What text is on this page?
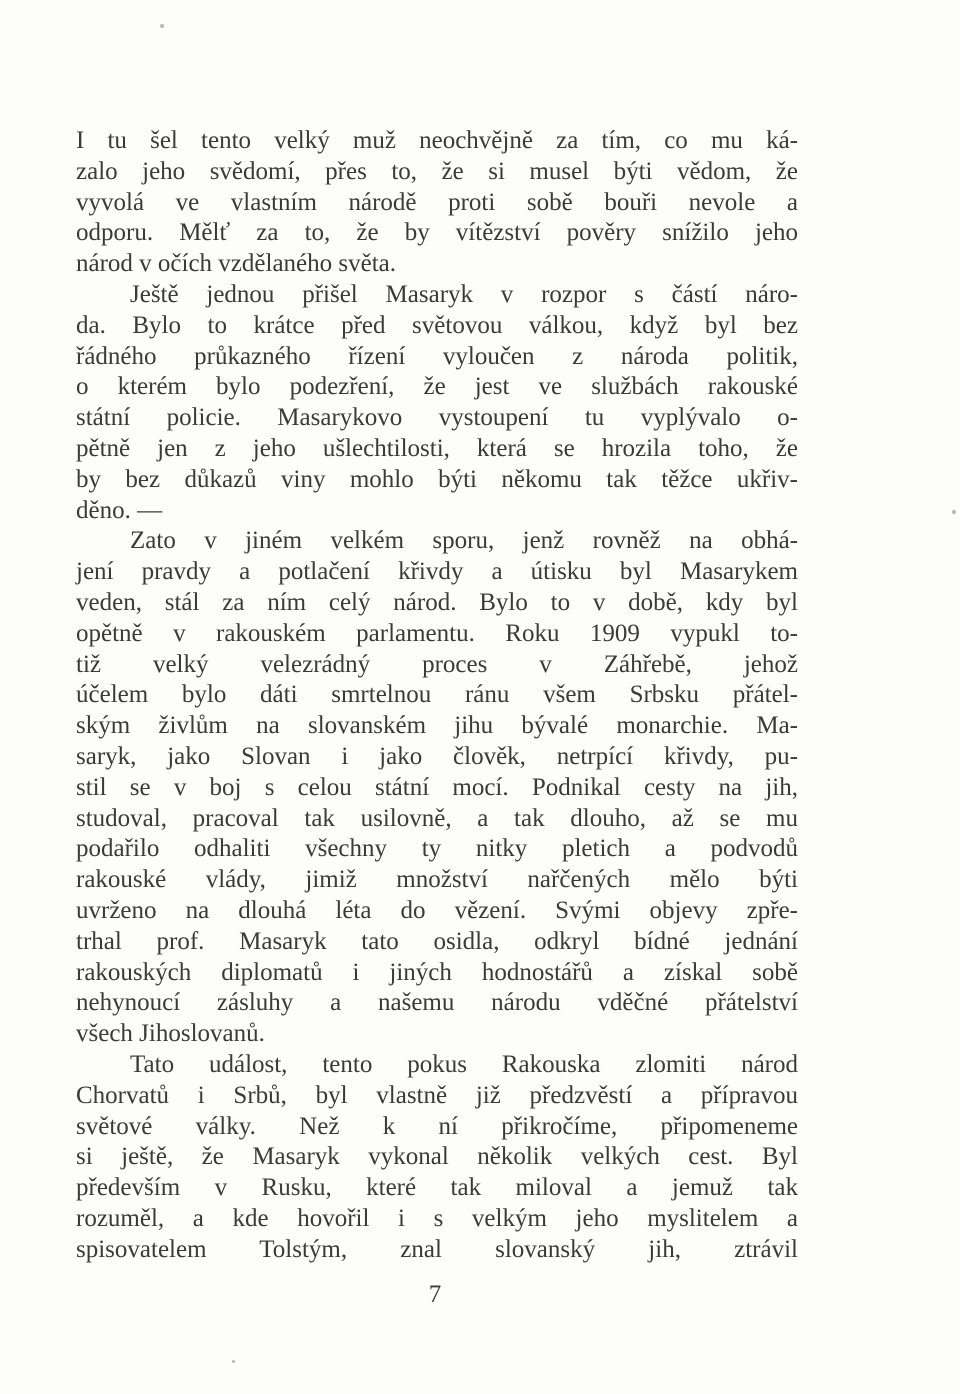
I tu šel tento velký muž neochvějně za tím, co mu ká-
zalo jeho svědomí, přes to, že si musel býti vědom, že
vyvolá ve vlastním národě proti sobě bouři nevole a
odporu. Mělť za to, že by vítězství pověry snížilo jeho
národ v očích vzdělaného světa.
Ještě jednou přišel Masaryk v rozpor s částí náro-
da. Bylo to krátce před světovou válkou, když byl bez
řádného průkazného řízení vyloučen z národa politik,
o kterém bylo podezření, že jest ve službách rakouské
státní policie. Masarykovo vystoupení tu vyplývalo o-
pětně jen z jeho ušlechtilosti, která se hrozila toho, že
by bez důkazů viny mohlo býti někomu tak těžce ukřiv-
děno. —
Zato v jiném velkém sporu, jenž rovněž na obhá-
jení pravdy a potlačení křivdy a útisku byl Masarykem
veden, stál za ním celý národ. Bylo to v době, kdy byl
opětně v rakouském parlamentu. Roku 1909 vypukl to-
tiž velký velezrádný proces v Záhřebě, jehož
účelem bylo dáti smrtelnou ránu všem Srbsku přátel-
ským živlům na slovanském jihu bývalé monarchie. Ma-
saryk, jako Slovan i jako člověk, netrpící křivdy, pu-
stil se v boj s celou státní mocí. Podnikal cesty na jih,
studoval, pracoval tak usilovně, a tak dlouho, až se mu
podařilo odhaliti všechny ty nitky pletich a podvodů
rakouské vlády, jimiž množství nařčených mělo býti
uvrženo na dlouhá léta do vězení. Svými objevy zpře-
trhal prof. Masaryk tato osidla, odkryl bídné jednání
rakouských diplomatů i jiných hodnostářů a získal sobě
nehynoucí zásluhy a našemu národu vděčné přátelství
všech Jihoslovanů.
Tato událost, tento pokus Rakouska zlomiti národ
Chorvatů i Srbů, byl vlastně již předzvěstí a přípravou
světové války. Než k ní přikročíme, připomeneme
si ještě, že Masaryk vykonal několik velkých cest. Byl
především v Rusku, které tak miloval a jemuž tak
rozuměl, a kde hovořil i s velkým jeho myslitelem a
spisovatelem Tolstým, znal slovanský jih, ztrávil
7
